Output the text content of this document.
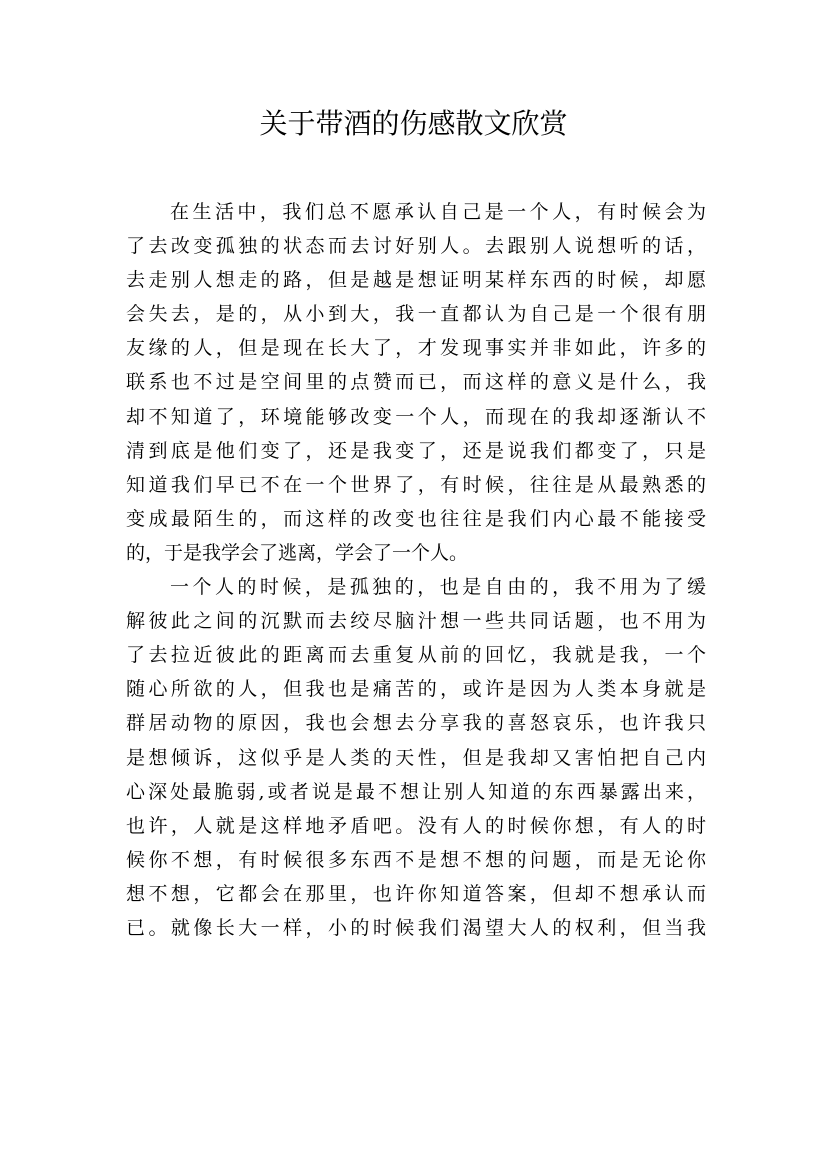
关于带酒的伤感散文欣赏
在生活中，我们总不愿承认自己是一个人，有时候会为
了去改变孤独的状态而去讨好别人。去跟别人说想听的话，
去走别人想走的路，但是越是想证明某样东西的时候，却愿
会失去，是的，从小到大，我一直都认为自己是一个很有朋
友缘的人，但是现在长大了，才发现事实并非如此，许多的
联系也不过是空间里的点赞而已，而这样的意义是什么，我
却不知道了，环境能够改变一个人，而现在的我却逐渐认不
清到底是他们变了，还是我变了，还是说我们都变了，只是
知道我们早已不在一个世界了，有时候，往往是从最熟悉的
变成最陌生的，而这样的改变也往往是我们内心最不能接受
的，于是我学会了逃离，学会了一个人。
一个人的时候，是孤独的，也是自由的，我不用为了缓
解彼此之间的沉默而去绞尽脑汁想一些共同话题，也不用为
了去拉近彼此的距离而去重复从前的回忆，我就是我，一个
随心所欲的人，但我也是痛苦的，或许是因为人类本身就是
群居动物的原因，我也会想去分享我的喜怒哀乐，也许我只
是想倾诉，这似乎是人类的天性，但是我却又害怕把自己内
心深处最脆弱,或者说是最不想让别人知道的东西暴露出来，
也许，人就是这样地矛盾吧。没有人的时候你想，有人的时
候你不想，有时候很多东西不是想不想的问题，而是无论你
想不想，它都会在那里，也许你知道答案，但却不想承认而
已。就像长大一样，小的时候我们渴望大人的权利，但当我
